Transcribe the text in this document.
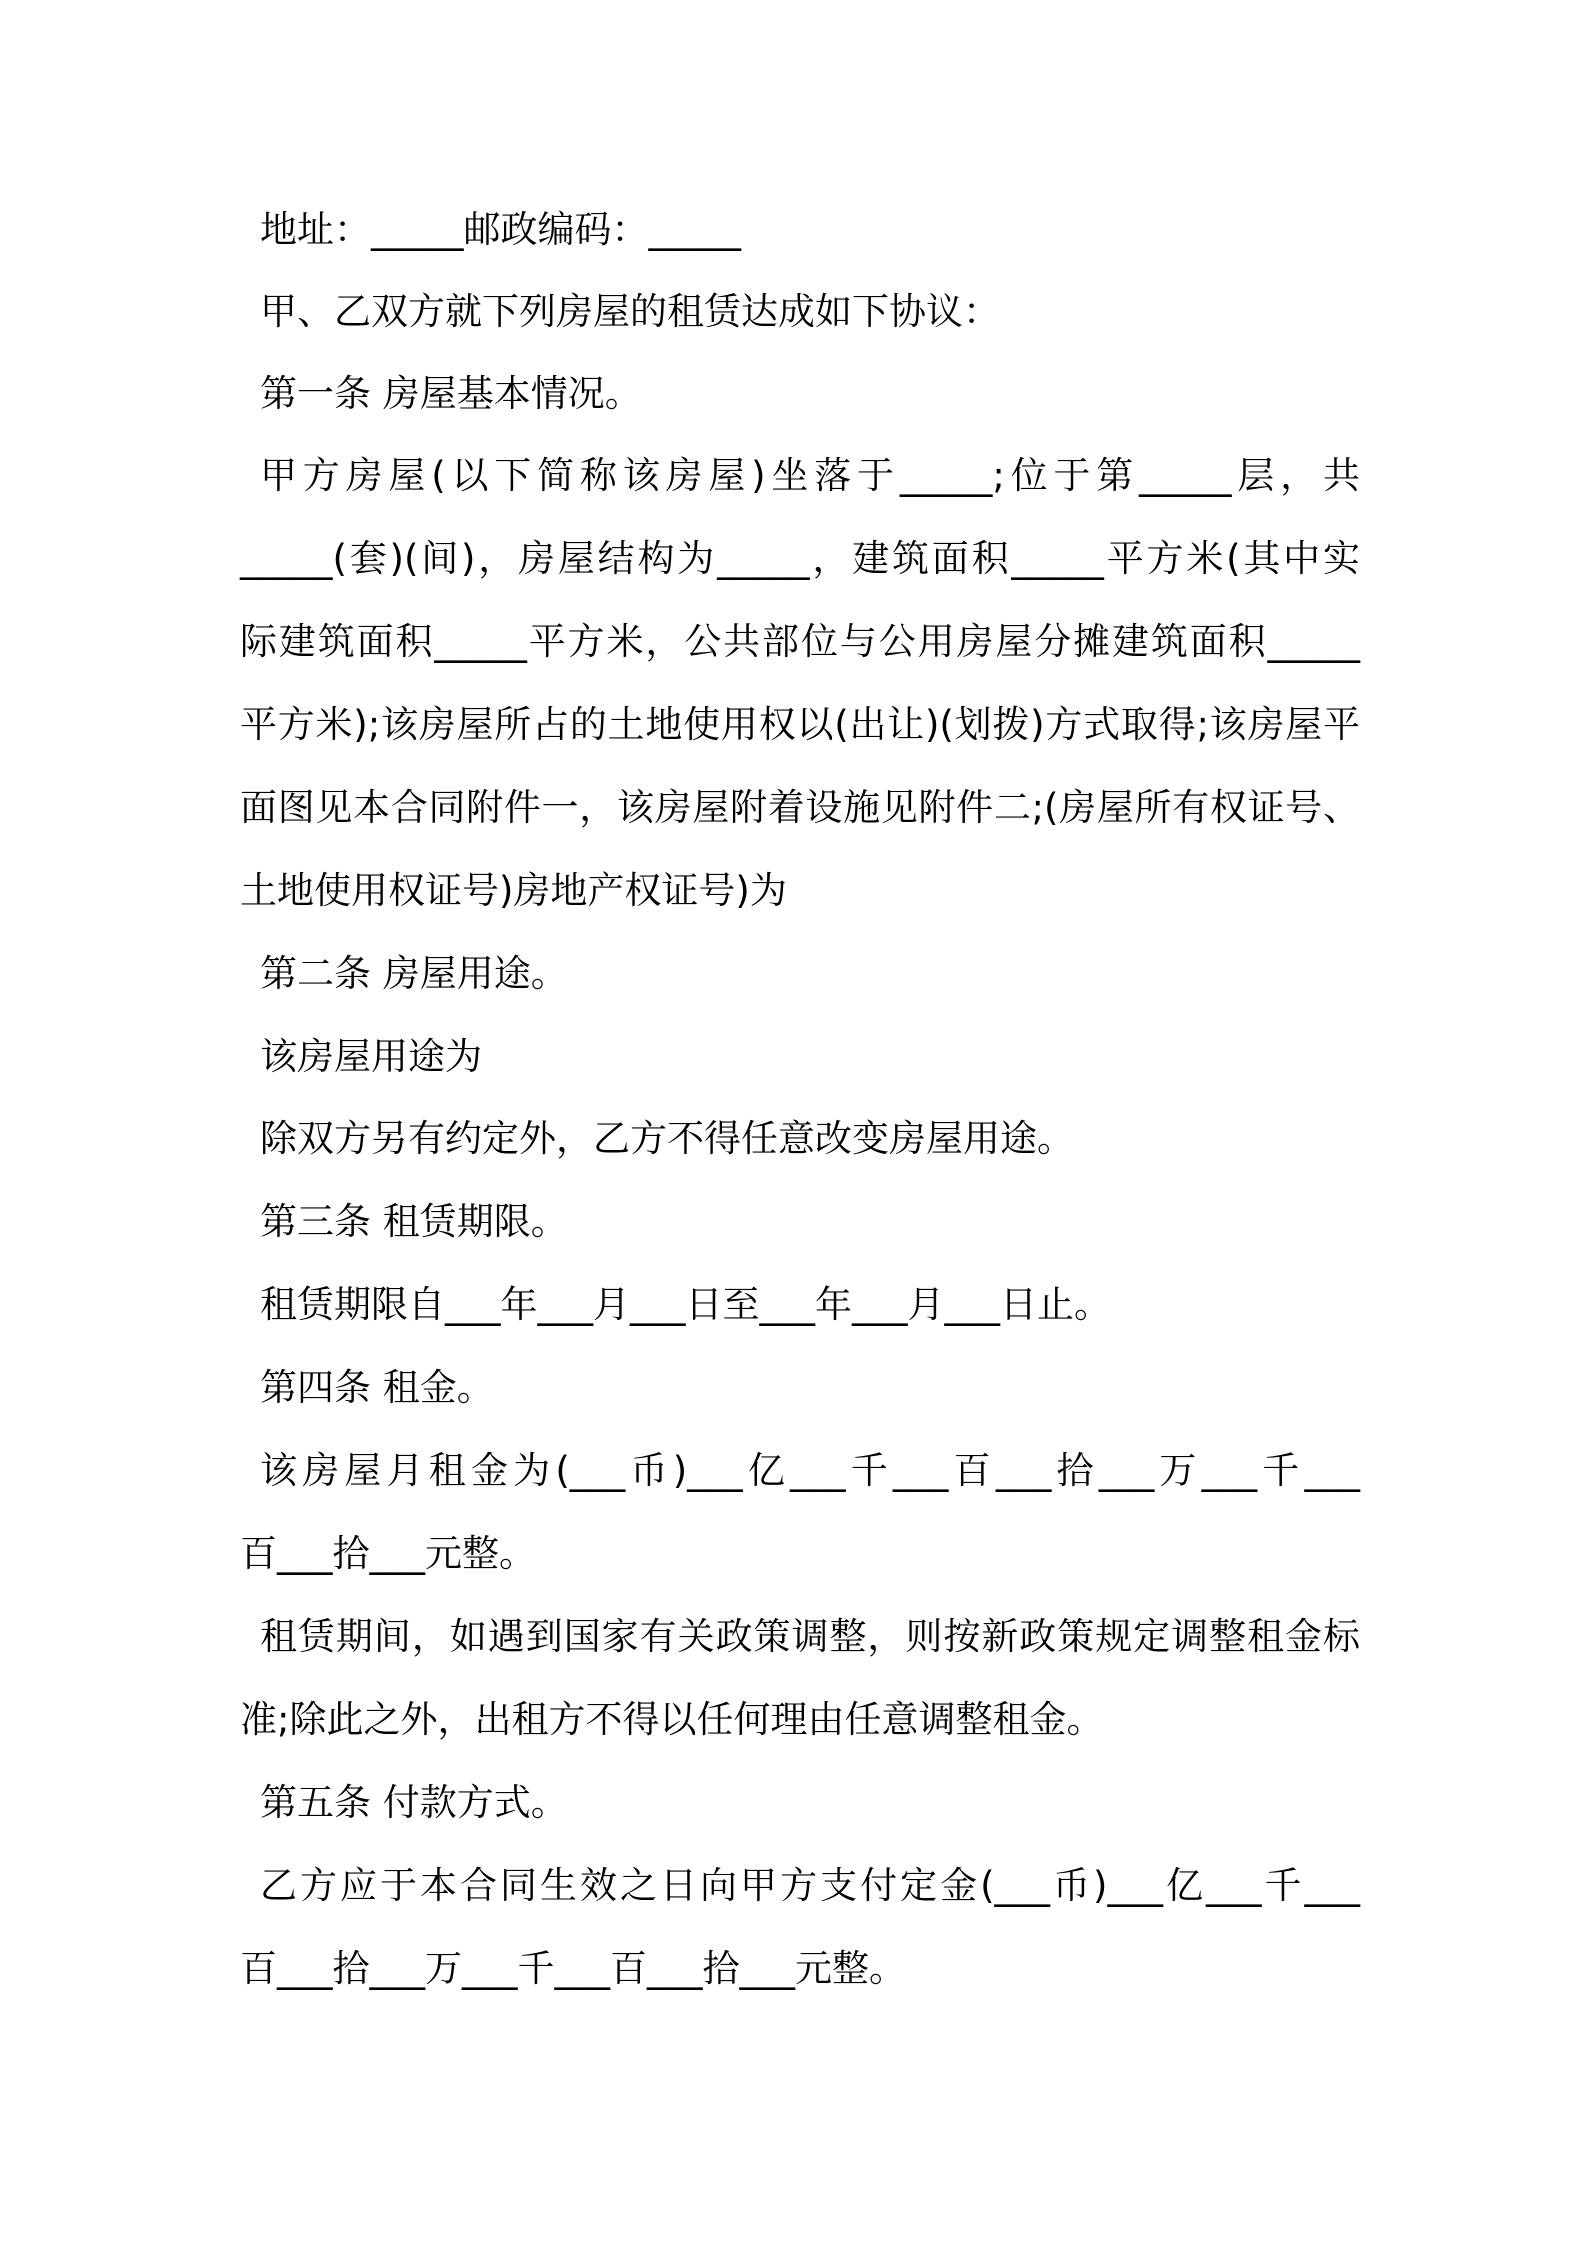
地址：_____邮政编码：_____

甲、乙双方就下列房屋的租赁达成如下协议：

第一条 房屋基本情况。

甲方房屋(以下简称该房屋)坐落于_____;位于第_____层，共

_____(套)(间)，房屋结构为_____，建筑面积_____平方米(其中实

际建筑面积_____平方米，公共部位与公用房屋分摊建筑面积_____

平方米);该房屋所占的土地使用权以(出让)(划拨)方式取得;该房屋平

面图见本合同附件一，该房屋附着设施见附件二;(房屋所有权证号、

土地使用权证号)房地产权证号)为

第二条 房屋用途。

该房屋用途为

除双方另有约定外，乙方不得任意改变房屋用途。

第三条 租赁期限。

租赁期限自___年___月___日至___年___月___日止。

第四条 租金。

该房屋月租金为(___币)___亿___千___百___拾___万___千___

百___拾___元整。

租赁期间，如遇到国家有关政策调整，则按新政策规定调整租金标

准;除此之外，出租方不得以任何理由任意调整租金。

第五条 付款方式。

乙方应于本合同生效之日向甲方支付定金(___币)___亿___千___

百___拾___万___千___百___拾___元整。
